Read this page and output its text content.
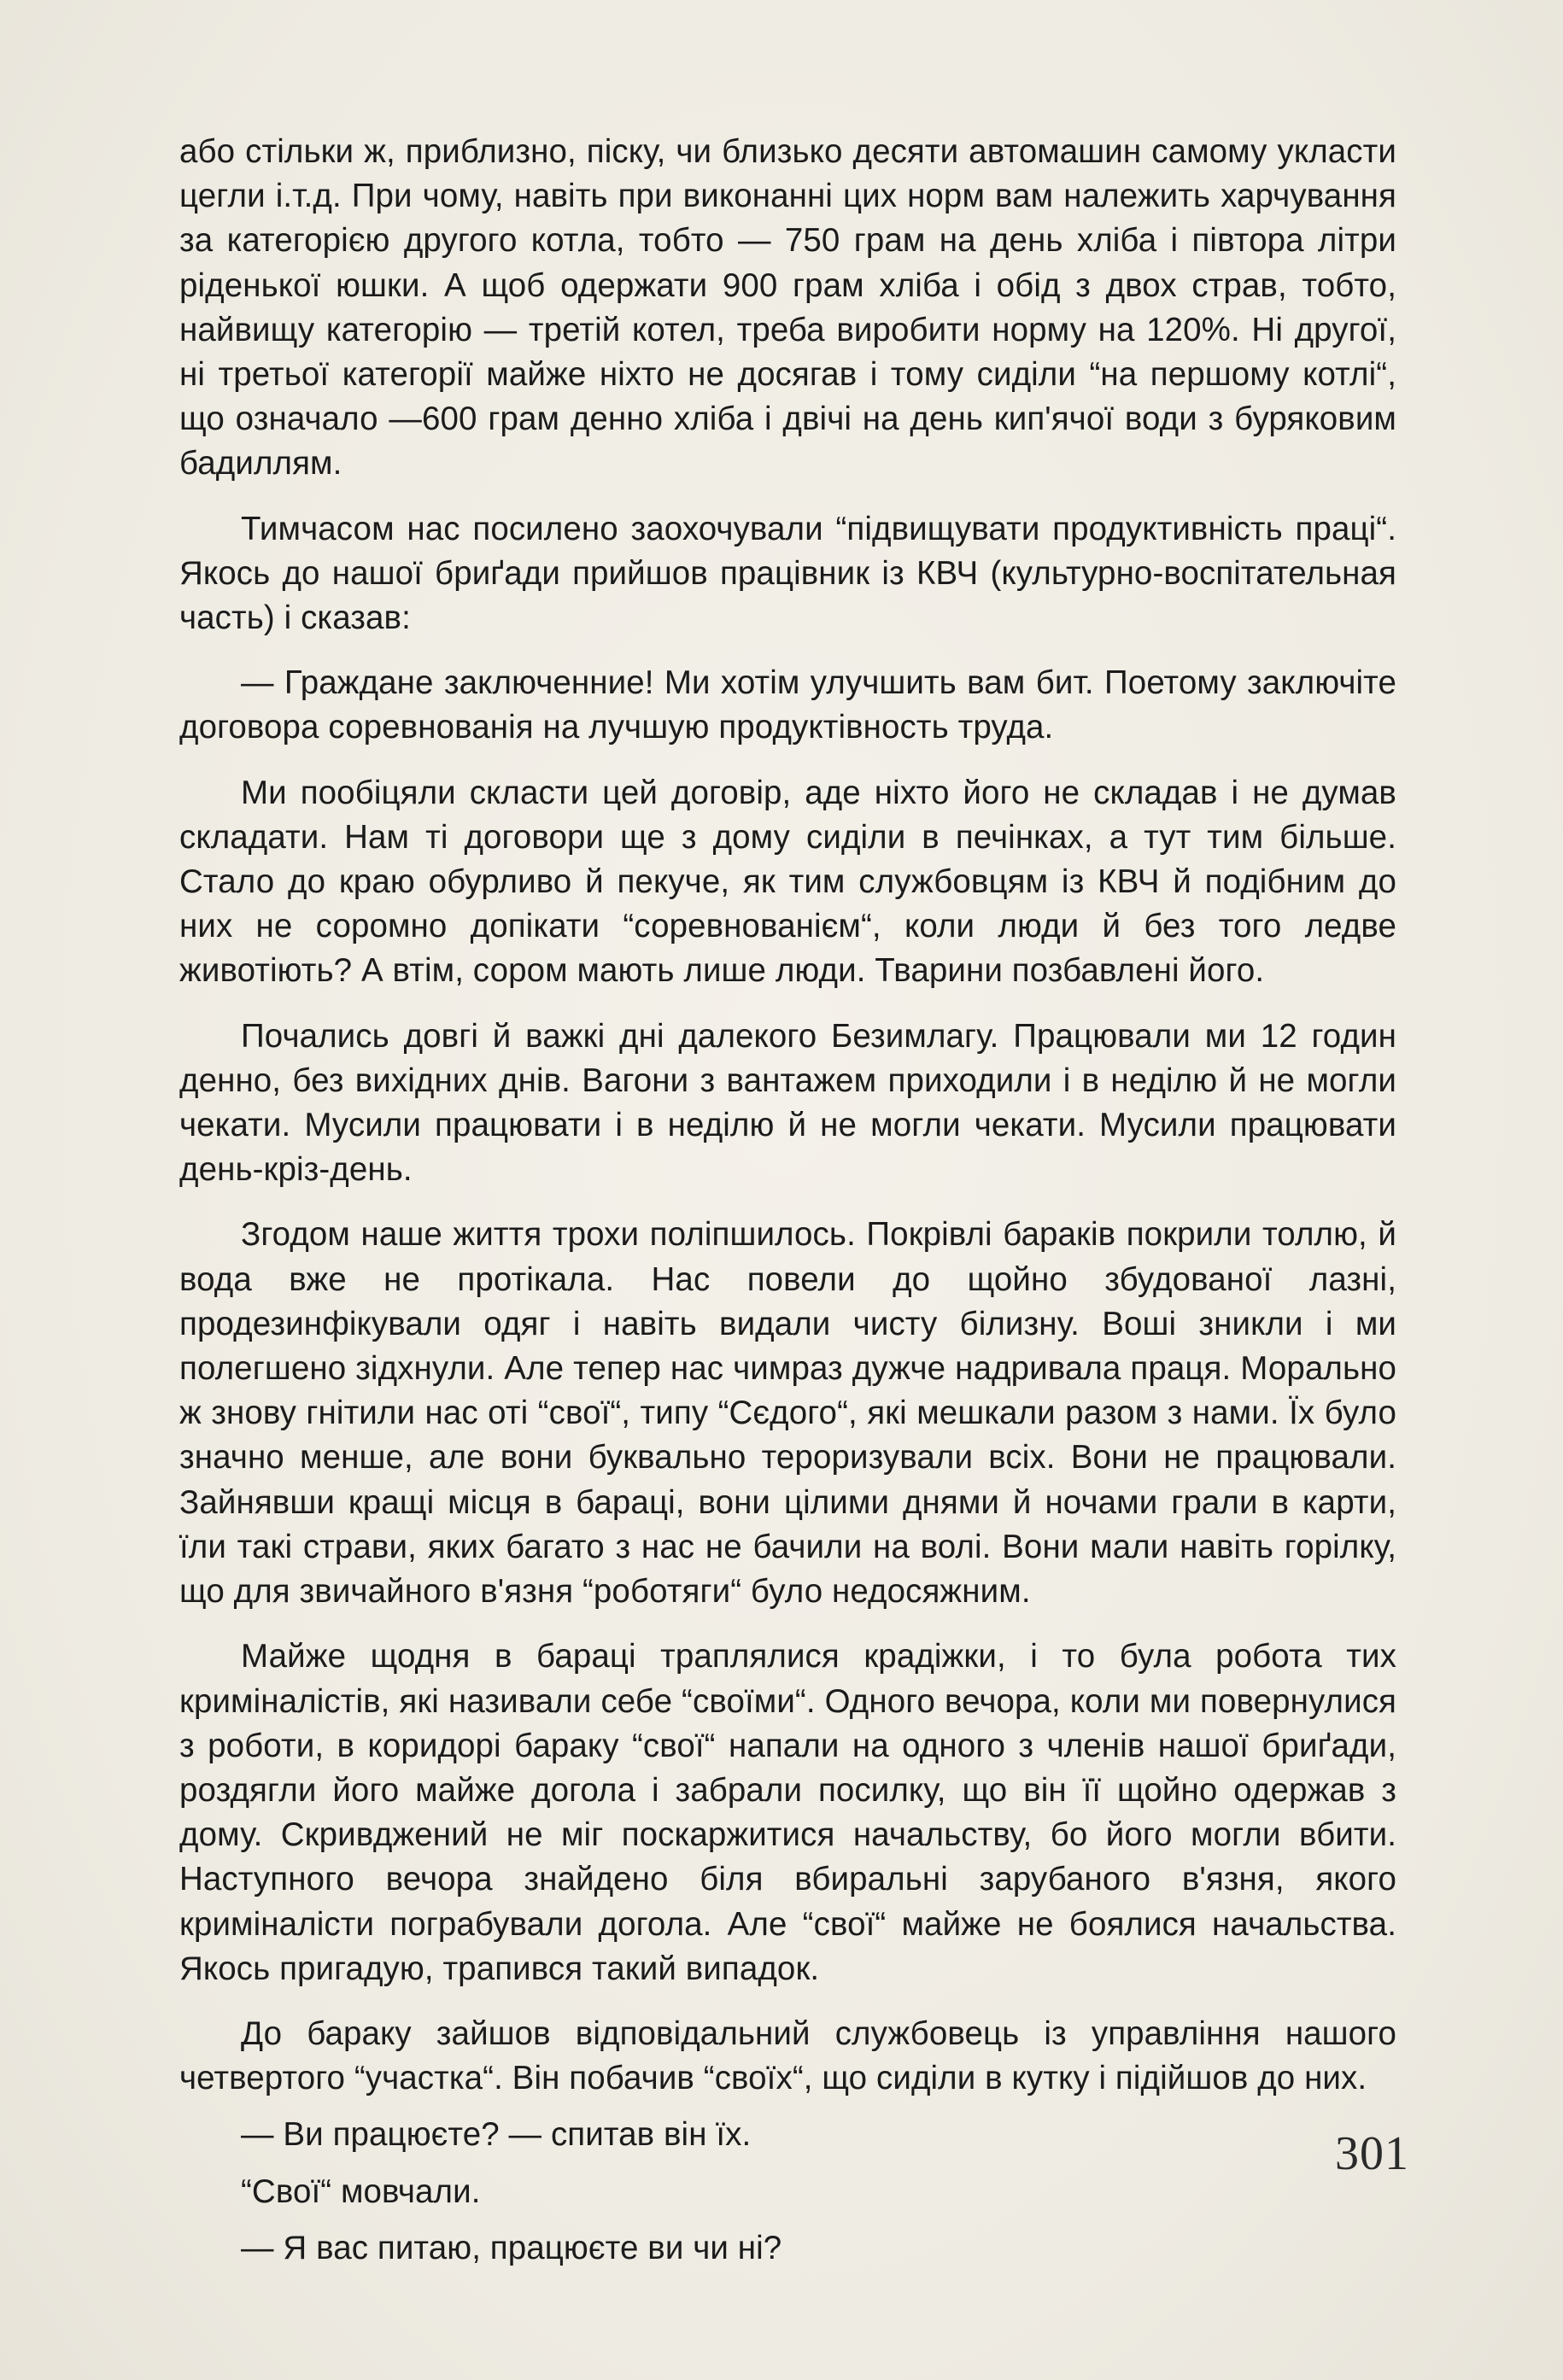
або стільки ж, приблизно, піску, чи близько десяти автомашин самому укласти цегли і.т.д. При чому, навіть при виконанні цих норм вам належить харчування за категорією другого котла, тобто — 750 грам на день хліба і півтора літри ріденької юшки. А щоб одержати 900 грам хліба і обід з двох страв, тобто, найвищу категорію — третій котел, треба виробити норму на 120%. Ні другої, ні третьої категорії майже ніхто не досягав і тому сиділи “на першому котлі“, що означало —600 грам денно хліба і двічі на день кип'ячої води з буряковим бадиллям.

Тимчасом нас посилено заохочували “підвищувати продуктивність праці“. Якось до нашої бриґади прийшов працівник із КВЧ (культурно-воспітательная часть) і сказав:

— Граждане заключенние! Ми хотім улучшить вам бит. Поетому заключіте договора соревнованія на лучшую продуктівность труда.

Ми пообіцяли скласти цей договір, аде ніхто його не складав і не думав складати. Нам ті договори ще з дому сиділи в печінках, а тут тим більше. Стало до краю обурливо й пекуче, як тим службовцям із КВЧ й подібним до них не соромно допікати “соревнованієм“, коли люди й без того ледве животіють? А втім, сором мають лише люди. Тварини позбавлені його.

Почались довгі й важкі дні далекого Безимлагу. Працювали ми 12 годин денно, без вихідних днів. Вагони з вантажем приходили і в неділю й не могли чекати. Мусили працювати і в неділю й не могли чекати. Мусили працювати день-кріз-день.

Згодом наше життя трохи поліпшилось. Покрівлі бараків покрили толлю, й вода вже не протікала. Нас повели до щойно збудованої лазні, продезинфікували одяг і навіть видали чисту білизну. Воші зникли і ми полегшено зідхнули. Але тепер нас чимраз дужче надривала праця. Морально ж знову гнітили нас оті “свої“, типу “Сєдого“, які мешкали разом з нами. Їх було значно менше, але вони буквально тероризували всіх. Вони не працювали. Зайнявши кращі місця в бараці, вони цілими днями й ночами грали в карти, їли такі страви, яких багато з нас не бачили на волі. Вони мали навіть горілку, що для звичайного в'язня “роботяги“ було недосяжним.

Майже щодня в бараці траплялися крадіжки, і то була робота тих криміналістів, які називали себе “своїми“. Одного вечора, коли ми повернулися з роботи, в коридорі бараку “свої“ напали на одного з членів нашої бриґади, роздягли його майже догола і забрали посилку, що він її щойно одержав з дому. Скривджений не міг поскаржитися начальству, бо його могли вбити. Наступного вечора знайдено біля вбиральні зарубаного в'язня, якого криміналісти пограбували догола. Але “свої“ майже не боялися начальства. Якось пригадую, трапився такий випадок.

До бараку зайшов відповідальний службовець із управління нашого четвертого “участка“. Він побачив “своїх“, що сиділи в кутку і підійшов до них.

— Ви працюєте? — спитав він їх.

“Свої“ мовчали.

— Я вас питаю, працюєте ви чи ні?

301
